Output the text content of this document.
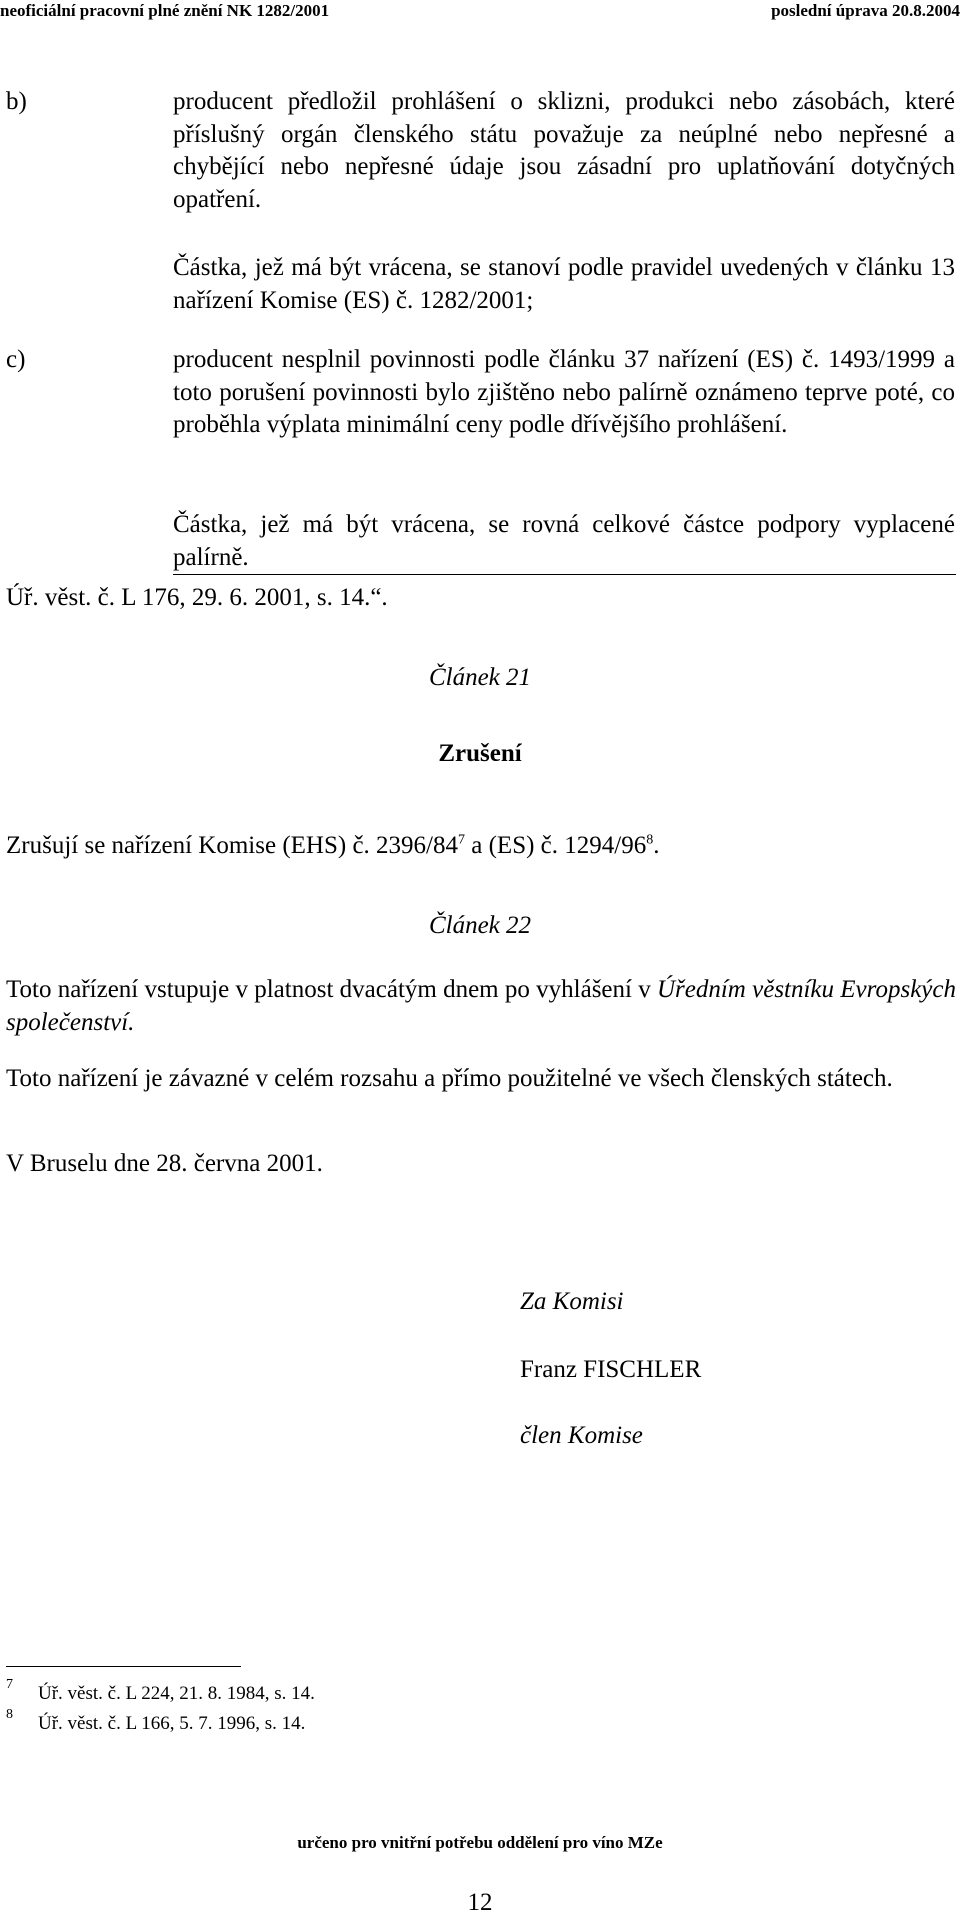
neoficiální pracovní plné znění NK 1282/2001	poslední úprava 20.8.2004
b)	producent předložil prohlášení o sklizni, produkci nebo zásobách, které příslušný orgán členského státu považuje za neúplné nebo nepřesné a chybějící nebo nepřesné údaje jsou zásadní pro uplatňování dotyčných opatření.

Částka, jež má být vrácena, se stanoví podle pravidel uvedených v článku 13 nařízení Komise (ES) č. 1282/2001;

c)	producent nesplnil povinnosti podle článku 37 nařízení (ES) č. 1493/1999 a toto porušení povinnosti bylo zjištěno nebo palírně oznámeno teprve poté, co proběhla výplata minimální ceny podle dřívějšího prohlášení.

Částka, jež má být vrácena, se rovná celkové částce podpory vyplacené palírně.

Úř. věst. č. L 176, 29. 6. 2001, s. 14.“.

Článek 21
Zrušení

Zrušují se nařízení Komise (EHS) č. $2396/84^7$ a (ES) č. $1294/96^8$.

Článek 22

Toto nařízení vstupuje v platnost dvacátým dnem po vyhlášení v Úředním věstníku Evropských společenství.

Toto nařízení je závazné v celém rozsahu a přímo použitelné ve všech členských státech.

V Bruselu dne 28. června 2001.

Za Komisi
Franz FISCHLER
člen Komise
7 Úř. věst. č. L 224, 21. 8. 1984, s. 14.
8 Úř. věst. č. L 166, 5. 7. 1996, s. 14.
určeno pro vnitřní potřebu oddělení pro víno MZe
12
